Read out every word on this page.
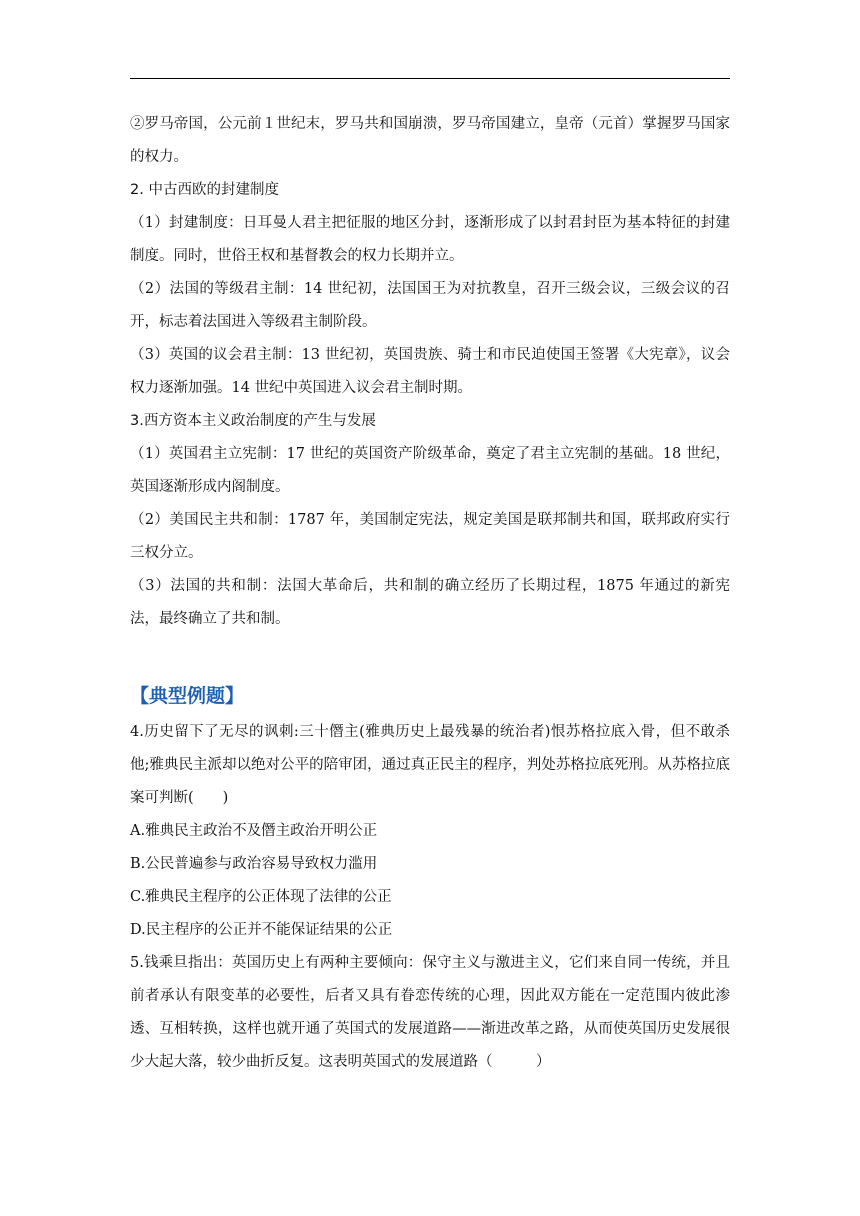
②罗马帝国，公元前１世纪末，罗马共和国崩溃，罗马帝国建立，皇帝（元首）掌握罗马国家的权力。

2. 中古西欧的封建制度

（1）封建制度：日耳曼人君主把征服的地区分封，逐渐形成了以封君封臣为基本特征的封建制度。同时，世俗王权和基督教会的权力长期并立。

（2）法国的等级君主制：14 世纪初，法国国王为对抗教皇，召开三级会议，三级会议的召开，标志着法国进入等级君主制阶段。

（3）英国的议会君主制：13 世纪初，英国贵族、骑士和市民迫使国王签署《大宪章》，议会权力逐渐加强。14 世纪中英国进入议会君主制时期。

3.西方资本主义政治制度的产生与发展

（1）英国君主立宪制：17 世纪的英国资产阶级革命，奠定了君主立宪制的基础。18 世纪，英国逐渐形成内阁制度。

（2）美国民主共和制：1787 年，美国制定宪法，规定美国是联邦制共和国，联邦政府实行三权分立。

（3）法国的共和制：法国大革命后，共和制的确立经历了长期过程，1875 年通过的新宪法，最终确立了共和制。

【典型例题】

4.历史留下了无尽的讽刺:三十僭主(雅典历史上最残暴的统治者)恨苏格拉底入骨，但不敢杀他;雅典民主派却以绝对公平的陪审团，通过真正民主的程序，判处苏格拉底死刑。从苏格拉底案可判断(　　)

A.雅典民主政治不及僭主政治开明公正

B.公民普遍参与政治容易导致权力滥用

C.雅典民主程序的公正体现了法律的公正

D.民主程序的公正并不能保证结果的公正

5.钱乘旦指出：英国历史上有两种主要倾向：保守主义与激进主义，它们来自同一传统，并且前者承认有限变革的必要性，后者又具有眷恋传统的心理，因此双方能在一定范围内彼此渗透、互相转换，这样也就开通了英国式的发展道路——渐进改革之路，从而使英国历史发展很少大起大落，较少曲折反复。这表明英国式的发展道路（　　　）
